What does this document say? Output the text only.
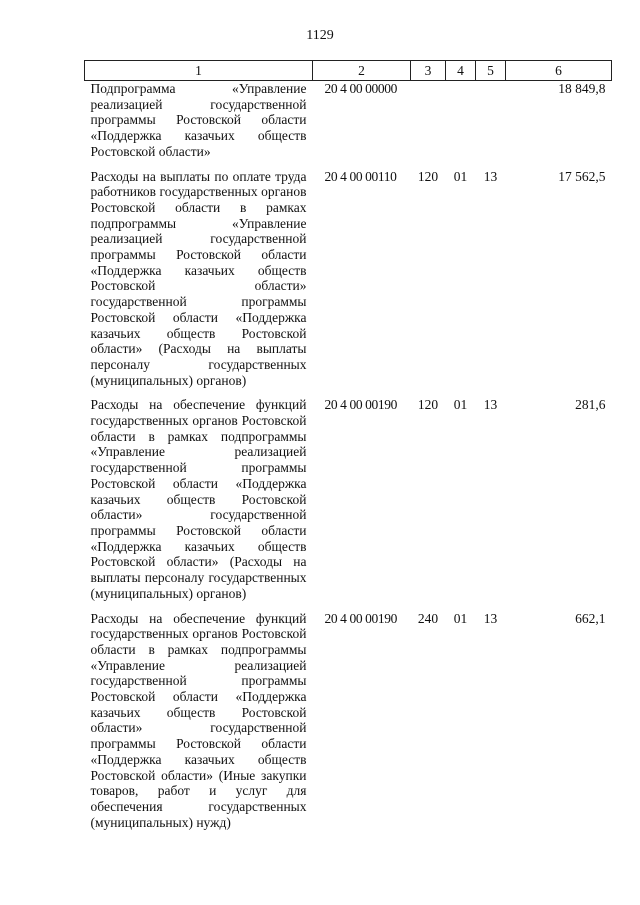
1129
1	2	3	4	5	6
Подпрограмма «Управление реализацией государственной программы Ростовской области «Поддержка казачьих обществ Ростовской области»	20 4 00 00000				18 849,8
Расходы на выплаты по оплате труда работников государственных органов Ростовской области в рамках подпрограммы «Управление реализацией государственной программы Ростовской области «Поддержка казачьих обществ Ростовской области» государственной программы Ростовской области «Поддержка казачьих обществ Ростовской области» (Расходы на выплаты персоналу государственных (муниципальных) органов)	20 4 00 00110	120	01	13	17 562,5
Расходы на обеспечение функций государственных органов Ростовской области в рамках подпрограммы «Управление реализацией государственной программы Ростовской области «Поддержка казачьих обществ Ростовской области» государственной программы Ростовской области «Поддержка казачьих обществ Ростовской области» (Расходы на выплаты персоналу государственных (муниципальных) органов)	20 4 00 00190	120	01	13	281,6
Расходы на обеспечение функций государственных органов Ростовской области в рамках подпрограммы «Управление реализацией государственной программы Ростовской области «Поддержка казачьих обществ Ростовской области» государственной программы Ростовской области «Поддержка казачьих обществ Ростовской области» (Иные закупки товаров, работ и услуг для обеспечения государственных (муниципальных) нужд)	20 4 00 00190	240	01	13	662,1
